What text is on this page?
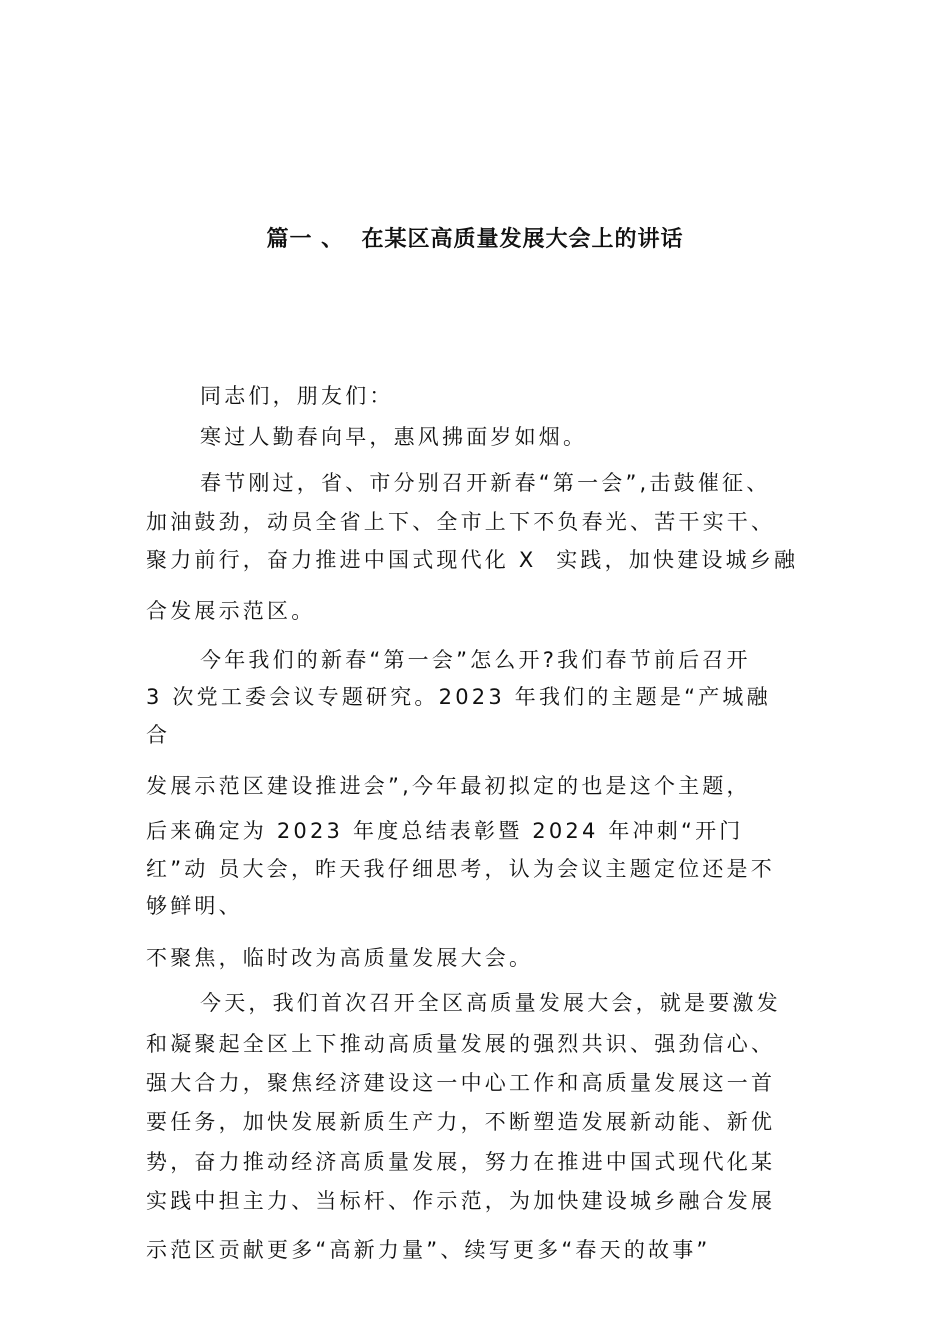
篇一 、  在某区高质量发展大会上的讲话
同志们，朋友们：
寒过人勤春向早，惠风拂面岁如烟。
春节刚过，省、市分别召开新春“第一会”,击鼓催征、
加油鼓劲，动员全省上下、全市上下不负春光、苦干实干、
聚力前行，奋力推进中国式现代化 X  实践，加快建设城乡融
合发展示范区。
今年我们的新春“第一会”怎么开?我们春节前后召开
3 次党工委会议专题研究。2023 年我们的主题是“产城融
合
发展示范区建设推进会”,今年最初拟定的也是这个主题，
后来确定为 2023 年度总结表彰暨 2024 年冲刺“开门
红”动 员大会，昨天我仔细思考，认为会议主题定位还是不
够鲜明、
不聚焦，临时改为高质量发展大会。
今天，我们首次召开全区高质量发展大会，就是要激发
和凝聚起全区上下推动高质量发展的强烈共识、强劲信心、
强大合力，聚焦经济建设这一中心工作和高质量发展这一首
要任务，加快发展新质生产力，不断塑造发展新动能、新优
势，奋力推动经济高质量发展，努力在推进中国式现代化某
实践中担主力、当标杆、作示范，为加快建设城乡融合发展
示范区贡献更多“高新力量”、续写更多“春天的故事”
